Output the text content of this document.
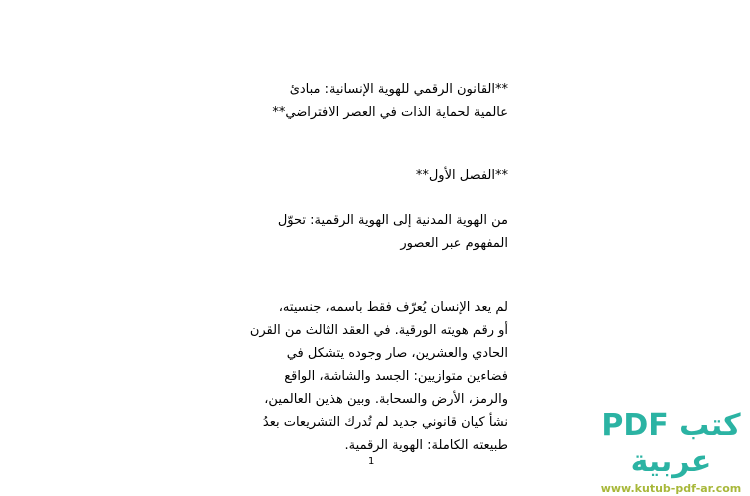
**القانون الرقمي للهوية الإنسانية: مبادئ
عالمية لحماية الذات في العصر الافتراضي**
**الفصل الأول**
من الهوية المدنية إلى الهوية الرقمية: تحوّل
المفهوم عبر العصور
لم يعد الإنسان يُعرّف فقط باسمه، جنسيته،
أو رقم هويته الورقية. في العقد الثالث من القرن
الحادي والعشرين، صار وجوده يتشكل في
فضاءين متوازيين: الجسد والشاشة، الواقع
والرمز، الأرض والسحابة. وبين هذين العالمين،
نشأ كيان قانوني جديد لم تُدرك التشريعات بعدُ
طبيعته الكاملة: الهوية الرقمية.
1
كتب PDF عربية
www.kutub-pdf-ar.com
